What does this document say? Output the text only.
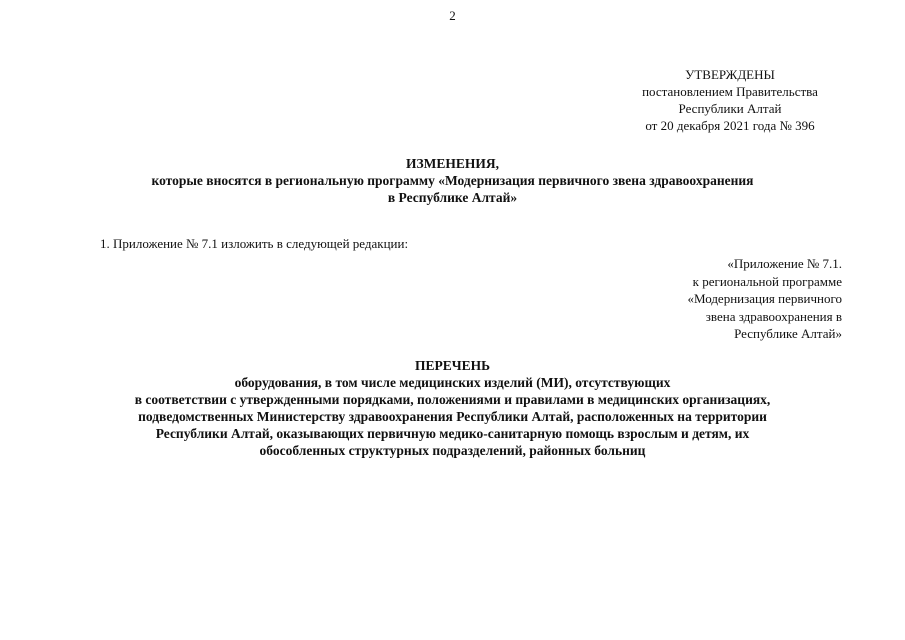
2
УТВЕРЖДЕНЫ
постановлением Правительства
Республики Алтай
от 20 декабря 2021 года № 396
ИЗМЕНЕНИЯ,
которые вносятся в региональную программу «Модернизация первичного звена здравоохранения
в Республике Алтай»
1. Приложение № 7.1 изложить в следующей редакции:
«Приложение № 7.1.
к региональной программе
«Модернизация первичного
звена здравоохранения в
Республике Алтай»
ПЕРЕЧЕНЬ
оборудования, в том числе медицинских изделий (МИ), отсутствующих
в соответствии с утвержденными порядками, положениями и правилами в медицинских организациях,
подведомственных Министерству здравоохранения Республики Алтай, расположенных на территории
Республики Алтай, оказывающих первичную медико-санитарную помощь взрослым и детям, их
обособленных структурных подразделений, районных больниц
